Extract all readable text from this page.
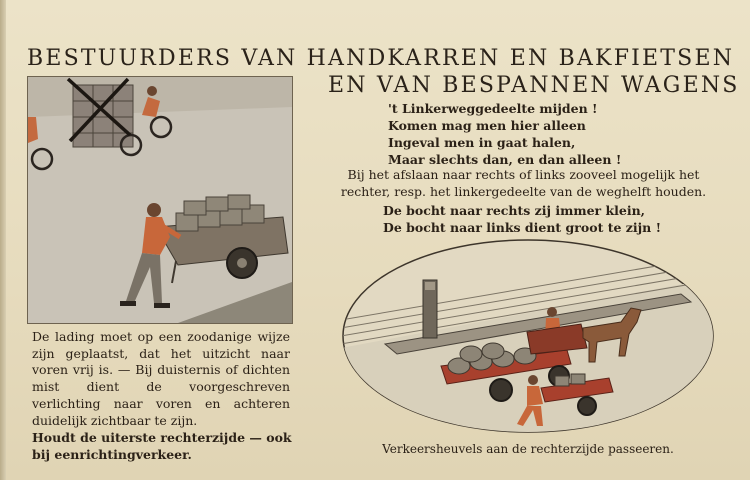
BESTUURDERS VAN HANDKARREN EN BAKFIETSEN
EN VAN BESPANNEN WAGENS
't Linkerweggedeelte mijden !
Komen mag men hier alleen
Ingeval men in gaat halen,
Maar slechts dan, en dan alleen !
Bij het afslaan naar rechts of links zooveel mogelijk het rechter, resp. het linkergedeelte van de weghelft houden.
De bocht naar rechts zij immer klein,
De bocht naar links dient groot te zijn !
De lading moet op een zoodanige wijze zijn geplaatst, dat het uitzicht naar voren vrij is. — Bij duisternis of dichten mist dient de voorgeschreven verlichting naar voren en achteren duidelijk zichtbaar te zijn.
Houdt de uiterste rechterzijde — ook bij eenrichtingverkeer.	Verkeersheuvels aan de rechterzijde passeeren.
